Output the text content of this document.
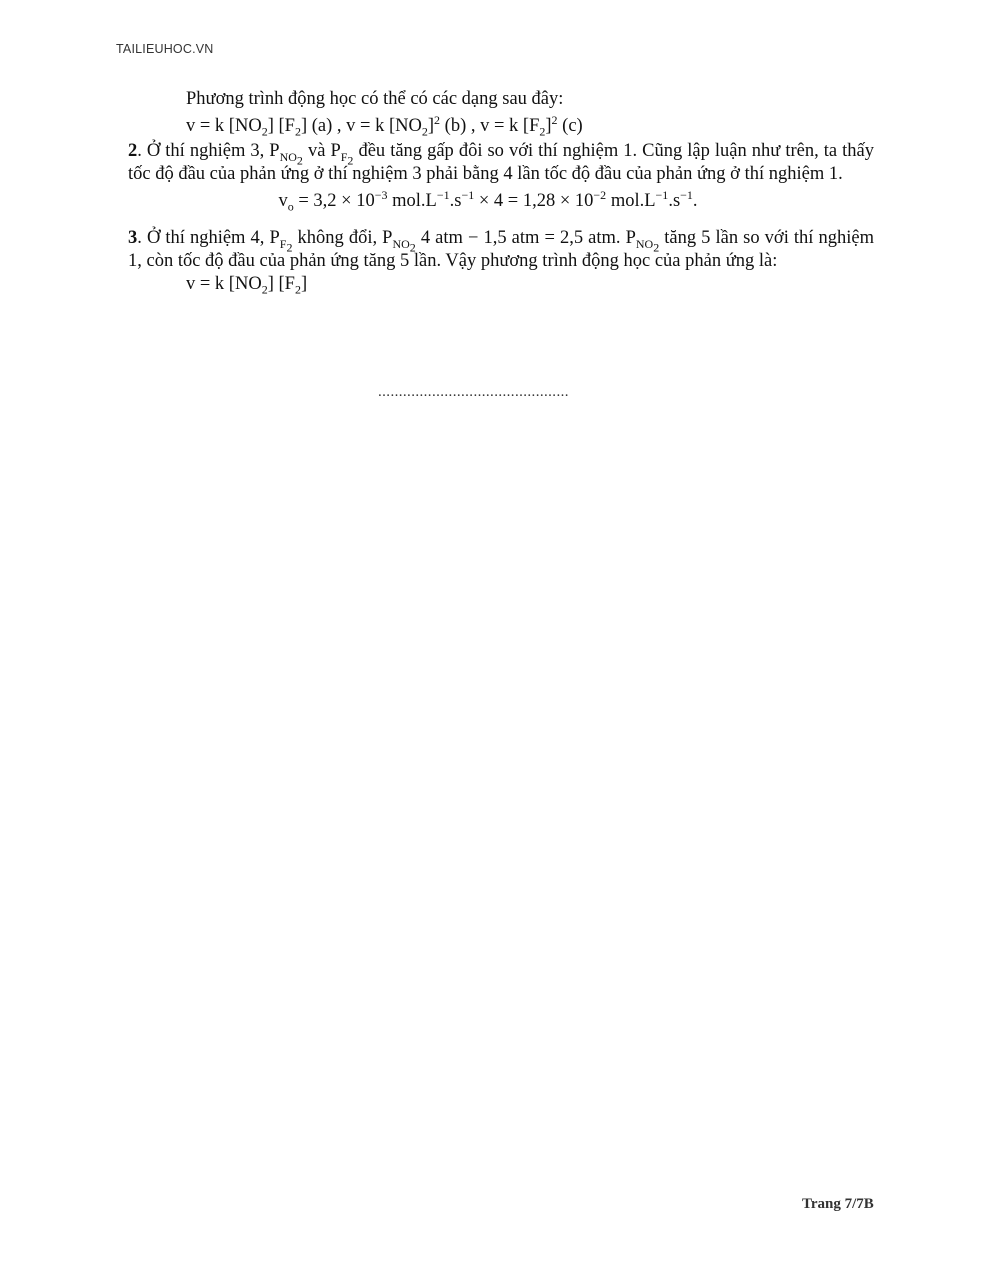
TAILIEUHOC.VN

Phương trình động học có thể có các dạng sau đây:

v = k $[NO_2]$ $[F_2]$ (a) , v = k $[NO_2]^2$ (b) , v = k $[F_2]^2$ (c)

2. Ở thí nghiệm 3, $P_{NO_2}$ và $P_{F_2}$ đều tăng gấp đôi so với thí nghiệm 1. Cũng lập luận như trên, ta thấy tốc độ đầu của phản ứng ở thí nghiệm 3 phải bằng 4 lần tốc độ đầu của phản ứng ở thí nghiệm 1.

$v_o = 3,2 \times 10^{-3}$ $mol.L^{-1}.s^{-1} \times 4 = 1,28 \times 10^{-2}$ $mol.L^{-1}.s^{-1}$.

3. Ở thí nghiệm 4, $P_{F_2}$ không đổi, $P_{NO_2}$ 4 atm − 1,5 atm = 2,5 atm. $P_{NO_2}$ tăng 5 lần so với thí nghiệm 1, còn tốc độ đầu của phản ứng tăng 5 lần. Vậy phương trình động học của phản ứng là:

v = k $[NO_2]$ $[F_2]$

..............................................
Trang 7/7B
